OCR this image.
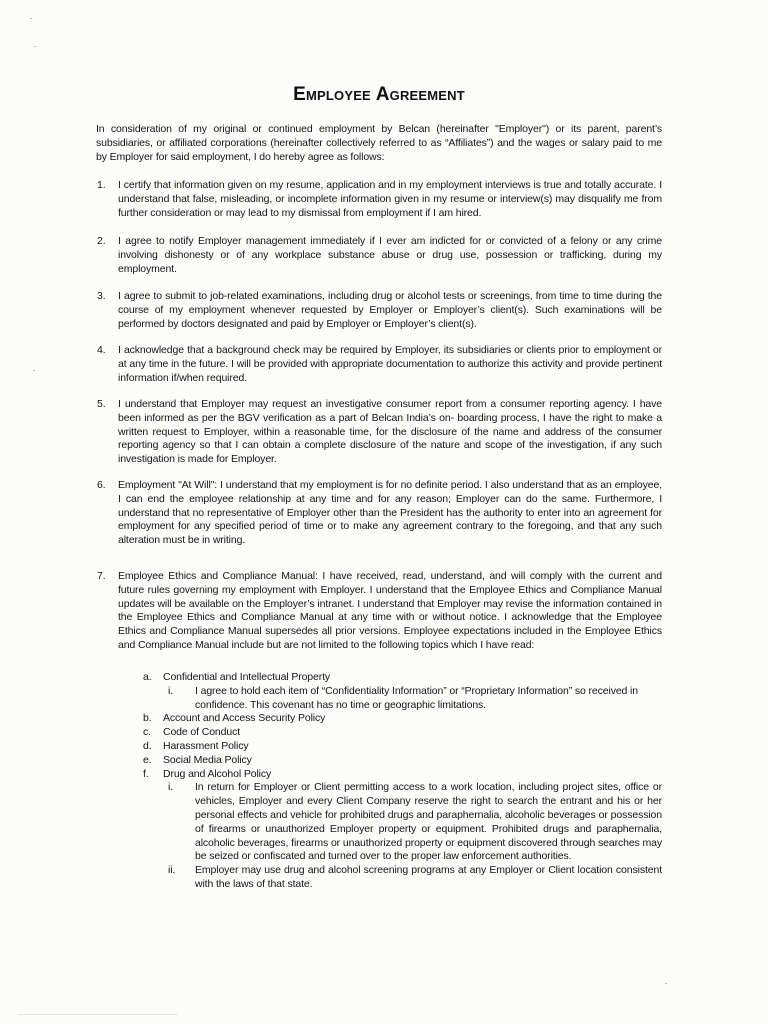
Employee Agreement
In consideration of my original or continued employment by Belcan (hereinafter "Employer") or its parent, parent’s subsidiaries, or affiliated corporations (hereinafter collectively referred to as “Affiliates”) and the wages or salary paid to me by Employer for said employment, I do hereby agree as follows:
1. I certify that information given on my resume, application and in my employment interviews is true and totally accurate. I understand that false, misleading, or incomplete information given in my resume or interview(s) may disqualify me from further consideration or may lead to my dismissal from employment if I am hired.
2. I agree to notify Employer management immediately if I ever am indicted for or convicted of a felony or any crime involving dishonesty or of any workplace substance abuse or drug use, possession or trafficking, during my employment.
3. I agree to submit to job-related examinations, including drug or alcohol tests or screenings, from time to time during the course of my employment whenever requested by Employer or Employer’s client(s). Such examinations will be performed by doctors designated and paid by Employer or Employer’s client(s).
4. I acknowledge that a background check may be required by Employer, its subsidiaries or clients prior to employment or at any time in the future. I will be provided with appropriate documentation to authorize this activity and provide pertinent information if/when required.
5. I understand that Employer may request an investigative consumer report from a consumer reporting agency. I have been informed as per the BGV verification as a part of Belcan India’s on- boarding process, I have the right to make a written request to Employer, within a reasonable time, for the disclosure of the name and address of the consumer reporting agency so that I can obtain a complete disclosure of the nature and scope of the investigation, if any such investigation is made for Employer.
6. Employment "At Will": I understand that my employment is for no definite period. I also understand that as an employee, I can end the employee relationship at any time and for any reason; Employer can do the same. Furthermore, I understand that no representative of Employer other than the President has the authority to enter into an agreement for employment for any specified period of time or to make any agreement contrary to the foregoing, and that any such alteration must be in writing.
7. Employee Ethics and Compliance Manual: I have received, read, understand, and will comply with the current and future rules governing my employment with Employer. I understand that the Employee Ethics and Compliance Manual updates will be available on the Employer’s intranet. I understand that Employer may revise the information contained in the Employee Ethics and Compliance Manual at any time with or without notice. I acknowledge that the Employee Ethics and Compliance Manual supersedes all prior versions. Employee expectations included in the Employee Ethics and Compliance Manual include but are not limited to the following topics which I have read:
a. Confidential and Intellectual Property
i. I agree to hold each item of “Confidentiality Information” or “Proprietary Information” so received in confidence. This covenant has no time or geographic limitations.
b. Account and Access Security Policy
c. Code of Conduct
d. Harassment Policy
e. Social Media Policy
f. Drug and Alcohol Policy
i. In return for Employer or Client permitting access to a work location, including project sites, office or vehicles, Employer and every Client Company reserve the right to search the entrant and his or her personal effects and vehicle for prohibited drugs and paraphernalia, alcoholic beverages or possession of firearms or unauthorized Employer property or equipment. Prohibited drugs and paraphernalia, alcoholic beverages, firearms or unauthorized property or equipment discovered through searches may be seized or confiscated and turned over to the proper law enforcement authorities.
ii. Employer may use drug and alcohol screening programs at any Employer or Client location consistent with the laws of that state.
